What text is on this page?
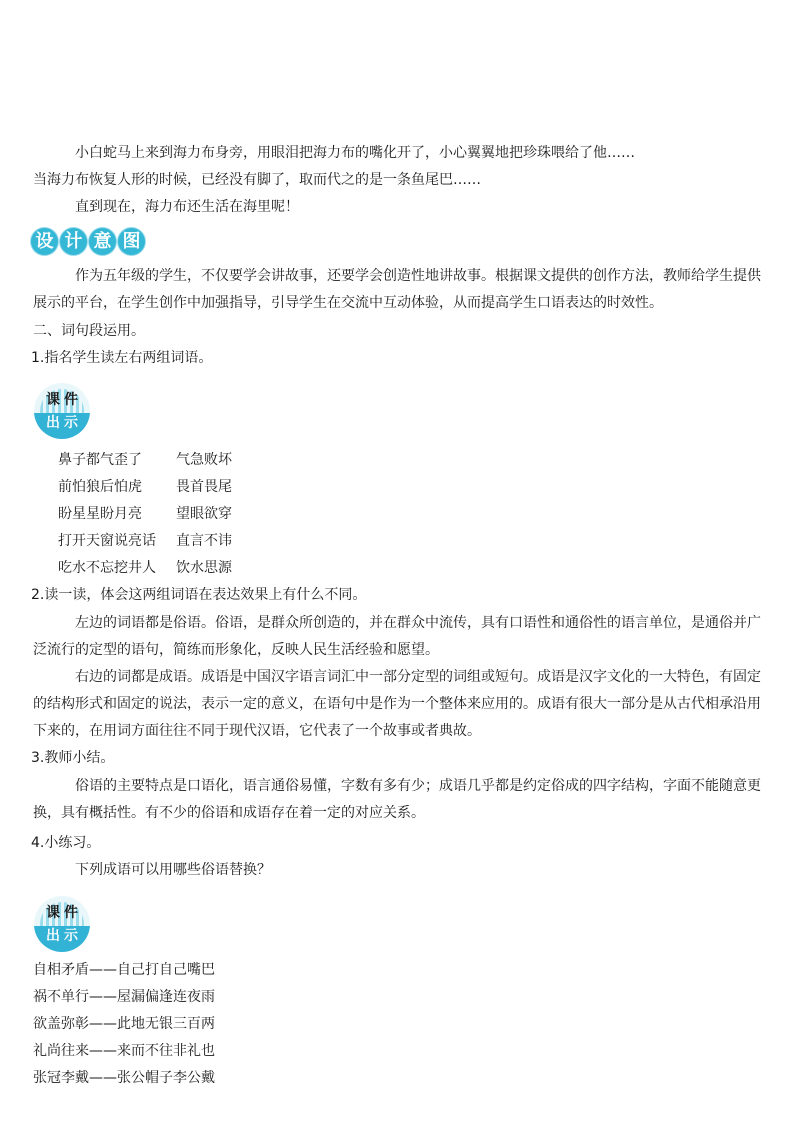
小白蛇马上来到海力布身旁，用眼泪把海力布的嘴化开了，小心翼翼地把珍珠喂给了他……
当海力布恢复人形的时候，已经没有脚了，取而代之的是一条鱼尾巴……
直到现在，海力布还生活在海里呢！
设 计 意 图
作为五年级的学生，不仅要学会讲故事，还要学会创造性地讲故事。根据课文提供的创作方法，教师给学生提供展示的平台，在学生创作中加强指导，引导学生在交流中互动体验，从而提高学生口语表达的时效性。
二、词句段运用。
1.指名学生读左右两组词语。
课 件
出 示
鼻子都气歪了 气急败坏
前怕狼后怕虎 畏首畏尾
盼星星盼月亮 望眼欲穿
打开天窗说亮话 直言不讳
吃水不忘挖井人 饮水思源
2.读一读，体会这两组词语在表达效果上有什么不同。
左边的词语都是俗语。俗语，是群众所创造的，并在群众中流传，具有口语性和通俗性的语言单位，是通俗并广泛流行的定型的语句，简练而形象化，反映人民生活经验和愿望。
右边的词都是成语。成语是中国汉字语言词汇中一部分定型的词组或短句。成语是汉字文化的一大特色，有固定的结构形式和固定的说法，表示一定的意义，在语句中是作为一个整体来应用的。成语有很大一部分是从古代相承沿用下来的，在用词方面往往不同于现代汉语，它代表了一个故事或者典故。
3.教师小结。
俗语的主要特点是口语化，语言通俗易懂，字数有多有少；成语几乎都是约定俗成的四字结构，字面不能随意更换，具有概括性。有不少的俗语和成语存在着一定的对应关系。
4.小练习。
下列成语可以用哪些俗语替换？
课 件
出 示
自相矛盾——自己打自己嘴巴
祸不单行——屋漏偏逢连夜雨
欲盖弥彰——此地无银三百两
礼尚往来——来而不往非礼也
张冠李戴——张公帽子李公戴
